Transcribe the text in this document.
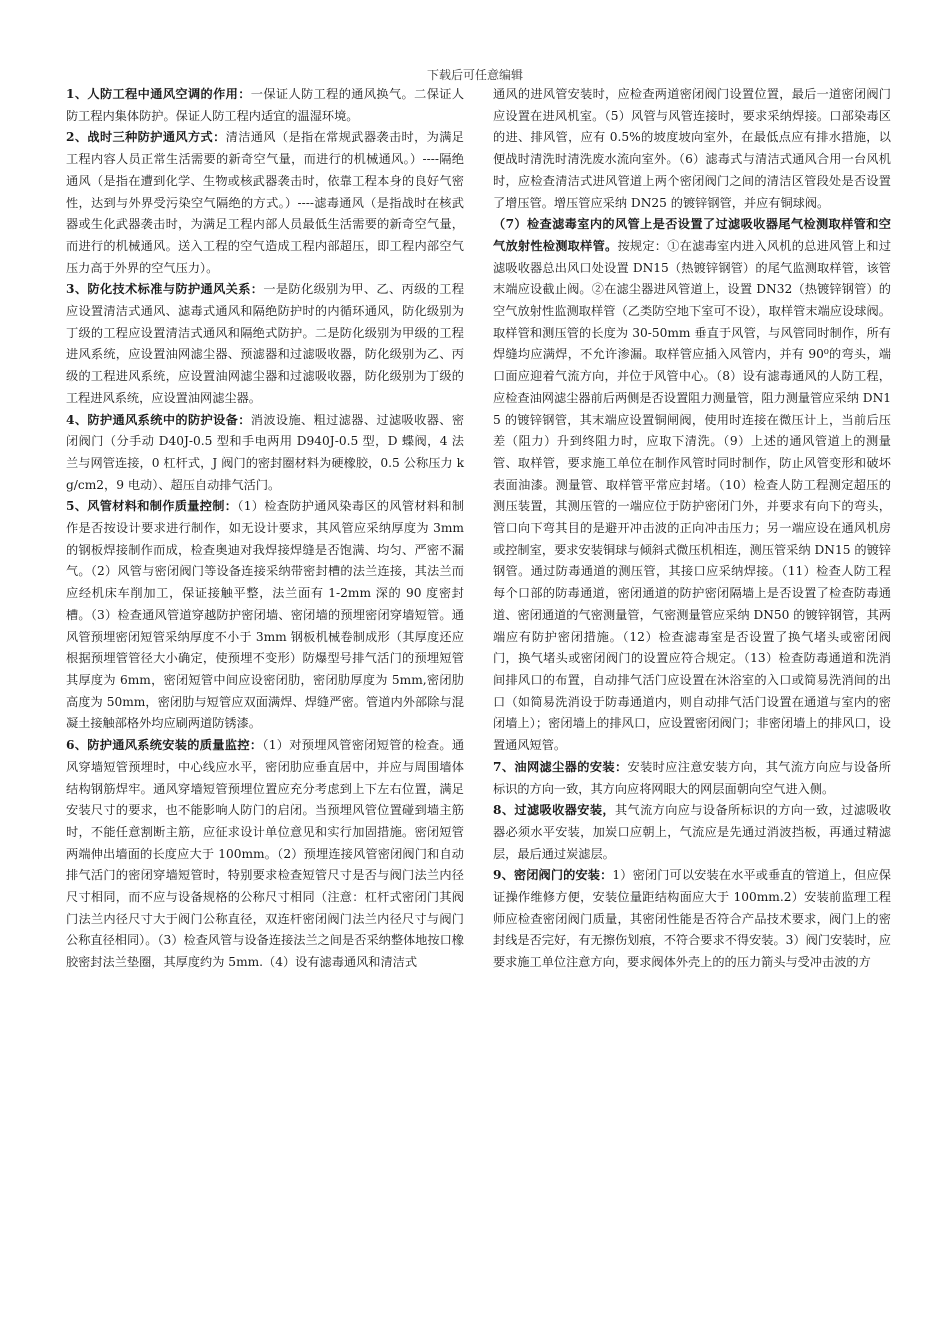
下载后可任意编辑

1、人防工程中通风空调的作用：一保证人防工程的通风换气。二保证人防工程内集体防护。保证人防工程内适宜的温湿环境。

2、战时三种防护通风方式：清洁通风（是指在常规武器袭击时，为满足工程内容人员正常生活需要的新奇空气量，而进行的机械通风。）----隔绝通风（是指在遭到化学、生物或核武器袭击时，依靠工程本身的良好气密性，达到与外界受污染空气隔绝的方式。）----滤毒通风（是指战时在核武器或生化武器袭击时，为满足工程内部人员最低生活需要的新奇空气量，而进行的机械通风。送入工程的空气造成工程内部超压，即工程内部空气压力高于外界的空气压力）。

3、防化技术标准与防护通风关系：一是防化级别为甲、乙、丙级的工程应设置清洁式通风、滤毒式通风和隔绝防护时的内循环通风，防化级别为丁级的工程应设置清洁式通风和隔绝式防护。二是防化级别为甲级的工程进风系统，应设置油网滤尘器、预滤器和过滤吸收器，防化级别为乙、丙级的工程进风系统，应设置油网滤尘器和过滤吸收器，防化级别为丁级的工程进风系统，应设置油网滤尘器。

4、防护通风系统中的防护设备：消波设施、粗过滤器、过滤吸收器、密闭阀门（分手动 D40J-0.5 型和手电两用 D940J-0.5 型，D 蝶阀，4 法兰与网管连接，0 杠杆式，J 阀门的密封圈材料为硬橡胶，0.5 公称压力 kg/cm2，9 电动）、超压自动排气活门。

5、风管材料和制作质量控制：（1）检查防护通风染毒区的风管材料和制作是否按设计要求进行制作，如无设计要求，其风管应采纳厚度为 3mm 的钢板焊接制作而成，检查奥迪对我焊接焊缝是否饱满、均匀、严密不漏气。（2）风管与密闭阀门等设备连接采纳带密封槽的法兰连接，其法兰而应经机床车削加工，保证接触平整，法兰面有 1-2mm 深的 90 度密封槽。（3）检查通风管道穿越防护密闭墙、密闭墙的预埋密闭穿墙短管。通风管预埋密闭短管采纳厚度不小于 3mm 钢板机械卷制成形（其厚度还应根据预埋管管径大小确定，使预埋不变形）防爆型号排气活门的预埋短管其厚度为 6mm，密闭短管中间应设密闭肋，密闭肋厚度为 5mm,密闭肋高度为 50mm，密闭肋与短管应双面满焊、焊缝严密。管道内外部除与混凝土接触部格外均应刷两道防锈漆。

6、防护通风系统安装的质量监控：（1）对预埋风管密闭短管的检查。通风穿墙短管预埋时，中心线应水平，密闭肋应垂直居中，并应与周围墙体结构钢筋焊牢。通风穿墙短管预埋位置应充分考虑到上下左右位置，满足安装尺寸的要求，也不能影响人防门的启闭。当预埋风管位置碰到墙主筋时，不能任意割断主筋，应征求设计单位意见和实行加固措施。密闭短管两端伸出墙面的长度应大于 100mm。（2）预埋连接风管密闭阀门和自动排气活门的密闭穿墙短管时，特别要求检查短管尺寸是否与阀门法兰内径尺寸相同，而不应与设备规格的公称尺寸相同（注意：杠杆式密闭门其阀门法兰内径尺寸大于阀门公称直径，双连杆密闭阀门法兰内径尺寸与阀门公称直径相同）。（3）检查风管与设备连接法兰之间是否采纳整体地按口橡胶密封法兰垫圈，其厚度约为 5mm.（4）设有滤毒通风和清洁式

通风的进风管安装时，应检查两道密闭阀门设置位置，最后一道密闭阀门应设置在进风机室。（5）风管与风管连接时，要求采纳焊接。口部染毒区的进、排风管，应有 0.5%的坡度坡向室外，在最低点应有排水措施，以便战时清洗时清洗废水流向室外。（6）滤毒式与清洁式通风合用一台风机时，应检查清洁式进风管道上两个密闭阀门之间的清洁区管段处是否设置了增压管。增压管应采纳 DN25 的镀锌钢管，并应有铜球阀。

（7）检查滤毒室内的风管上是否设置了过滤吸收器尾气检测取样管和空气放射性检测取样管。按规定：①在滤毒室内进入风机的总进风管上和过滤吸收器总出风口处设置 DN15（热镀锌钢管）的尾气监测取样管，该管末端应设截止阀。②在滤尘器进风管道上，设置 DN32（热镀锌钢管）的空气放射性监测取样管（乙类防空地下室可不设），取样管末端应设球阀。取样管和测压管的长度为 30-50mm 垂直于风管，与风管同时制作，所有焊缝均应满焊，不允许渗漏。取样管应插入风管内，并有 90⁰的弯头，端口面应迎着气流方向，并位于风管中心。（8）设有滤毒通风的人防工程，应检查油网滤尘器前后两侧是否设置阻力测量管，阻力测量管应采纳 DN15 的镀锌钢管，其末端应设置铜闸阀，使用时连接在微压计上，当前后压差（阻力）升到终阻力时，应取下清洗。（9）上述的通风管道上的测量管、取样管，要求施工单位在制作风管时同时制作，防止风管变形和破坏表面油漆。测量管、取样管平常应封堵。（10）检查人防工程测定超压的测压装置，其测压管的一端应位于防护密闭门外，并要求有向下的弯头，管口向下弯其目的是避开冲击波的正向冲击压力；另一端应设在通风机房或控制室，要求安装铜球与倾斜式微压机相连，测压管采纳 DN15 的镀锌钢管。通过防毒通道的测压管，其接口应采纳焊接。（11）检查人防工程每个口部的防毒通道，密闭通道的防护密闭隔墙上是否设置了检查防毒通道、密闭通道的气密测量管，气密测量管应采纳 DN50 的镀锌钢管，其两端应有防护密闭措施。（12）检查滤毒室是否设置了换气堵头或密闭阀门，换气堵头或密闭阀门的设置应符合规定。（13）检查防毒通道和洗消间排风口的布置，自动排气活门应设置在沐浴室的入口或简易洗消间的出口（如简易洗消设于防毒通道内，则自动排气活门设置在通道与室内的密闭墙上）；密闭墙上的排风口，应设置密闭阀门；非密闭墙上的排风口，设置通风短管。

7、油网滤尘器的安装：安装时应注意安装方向，其气流方向应与设备所标识的方向一致，其方向应将网眼大的网层面朝向空气进入侧。

8、过滤吸收器安装，其气流方向应与设备所标识的方向一致，过滤吸收器必须水平安装，加炭口应朝上，气流应是先通过消波挡板，再通过精滤层，最后通过炭滤层。

9、密闭阀门的安装：1）密闭门可以安装在水平或垂直的管道上，但应保证操作维修方便，安装位量距结构面应大于 100mm.2）安装前监理工程师应检查密闭阀门质量，其密闭性能是否符合产品技术要求，阀门上的密封线是否完好，有无擦伤划痕，不符合要求不得安装。3）阀门安装时，应要求施工单位注意方向，要求阀体外壳上的的压力箭头与受冲击波的方
